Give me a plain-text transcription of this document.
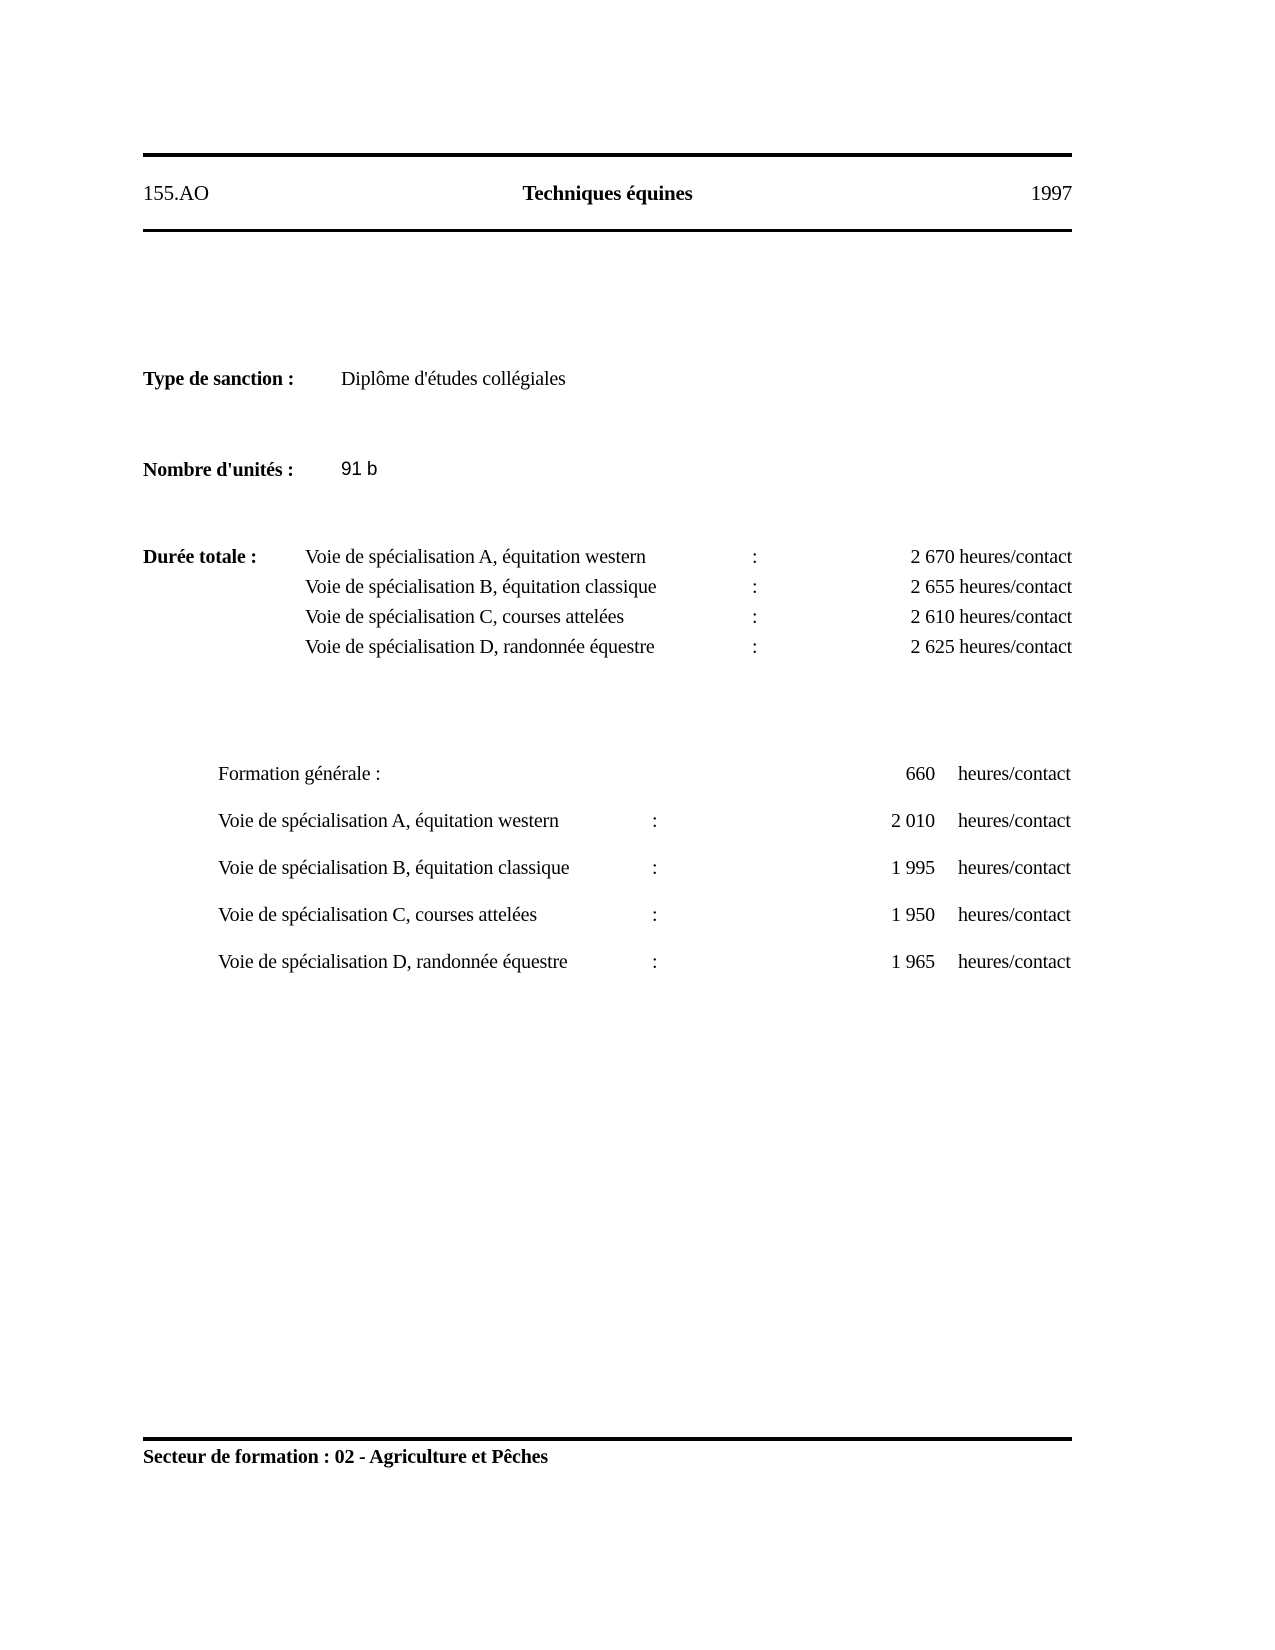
155.AO	Techniques équines	1997
Type de sanction : Diplôme d'études collégiales
Nombre d'unités : 91 b
Durée totale : Voie de spécialisation A, équitation western	:	2 670 heures/contact
Voie de spécialisation B, équitation classique	:	2 655 heures/contact
Voie de spécialisation C, courses attelées	:	2 610 heures/contact
Voie de spécialisation D, randonnée équestre	:	2 625 heures/contact
Formation générale :	660 heures/contact
Voie de spécialisation A, équitation western	:	2 010 heures/contact
Voie de spécialisation B, équitation classique	:	1 995 heures/contact
Voie de spécialisation C, courses attelées	:	1 950 heures/contact
Voie de spécialisation D, randonnée équestre	:	1 965 heures/contact
Secteur de formation : 02 - Agriculture et Pêches
